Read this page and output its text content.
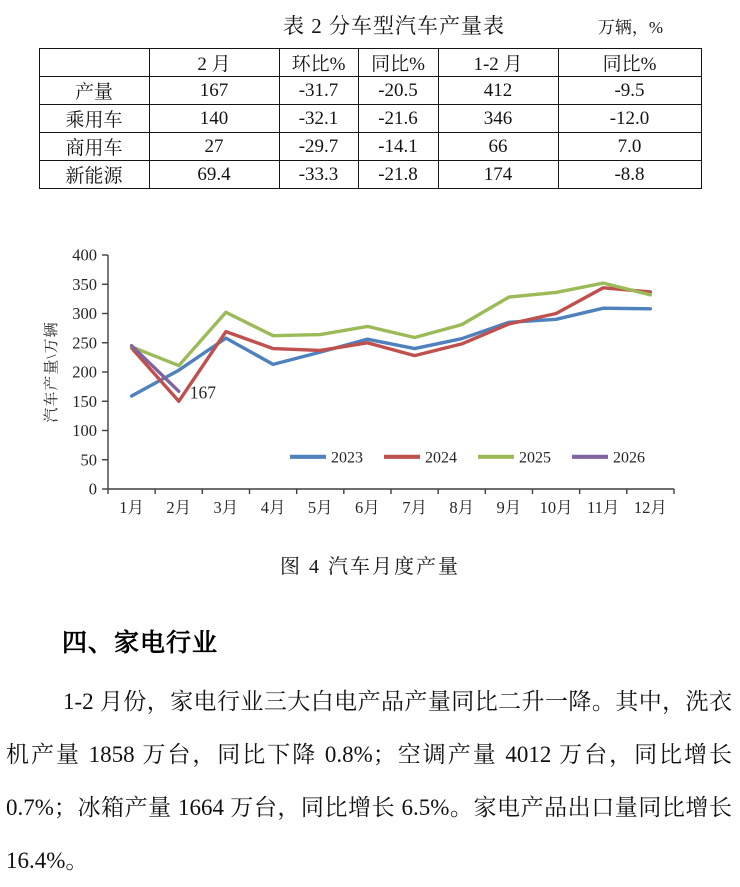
表 2 分车型汽车产量表	万辆，%
	2 月	环比%	同比%	1-2 月	同比%
产量	167	-31.7	-20.5	412	-9.5
乘用车	140	-32.1	-21.6	346	-12.0
商用车	27	-29.7	-14.1	66	7.0
新能源	69.4	-33.3	-21.8	174	-8.8
0
50
100
150
200
250
300
350
400
1月 2月 3月 4月 5月 6月 7月 8月 9月 10月 11月 12月
汽车产量\万辆	167
2023	2024	2025	2026
图 4 汽车月度产量
四、家电行业

1-2 月份，家电行业三大白电产品产量同比二升一降。其中，洗衣机产量 1858 万台，同比下降 0.8%；空调产量 4012 万台，同比增长 0.7%；冰箱产量 1664 万台，同比增长 6.5%。家电产品出口量同比增长 16.4%。
